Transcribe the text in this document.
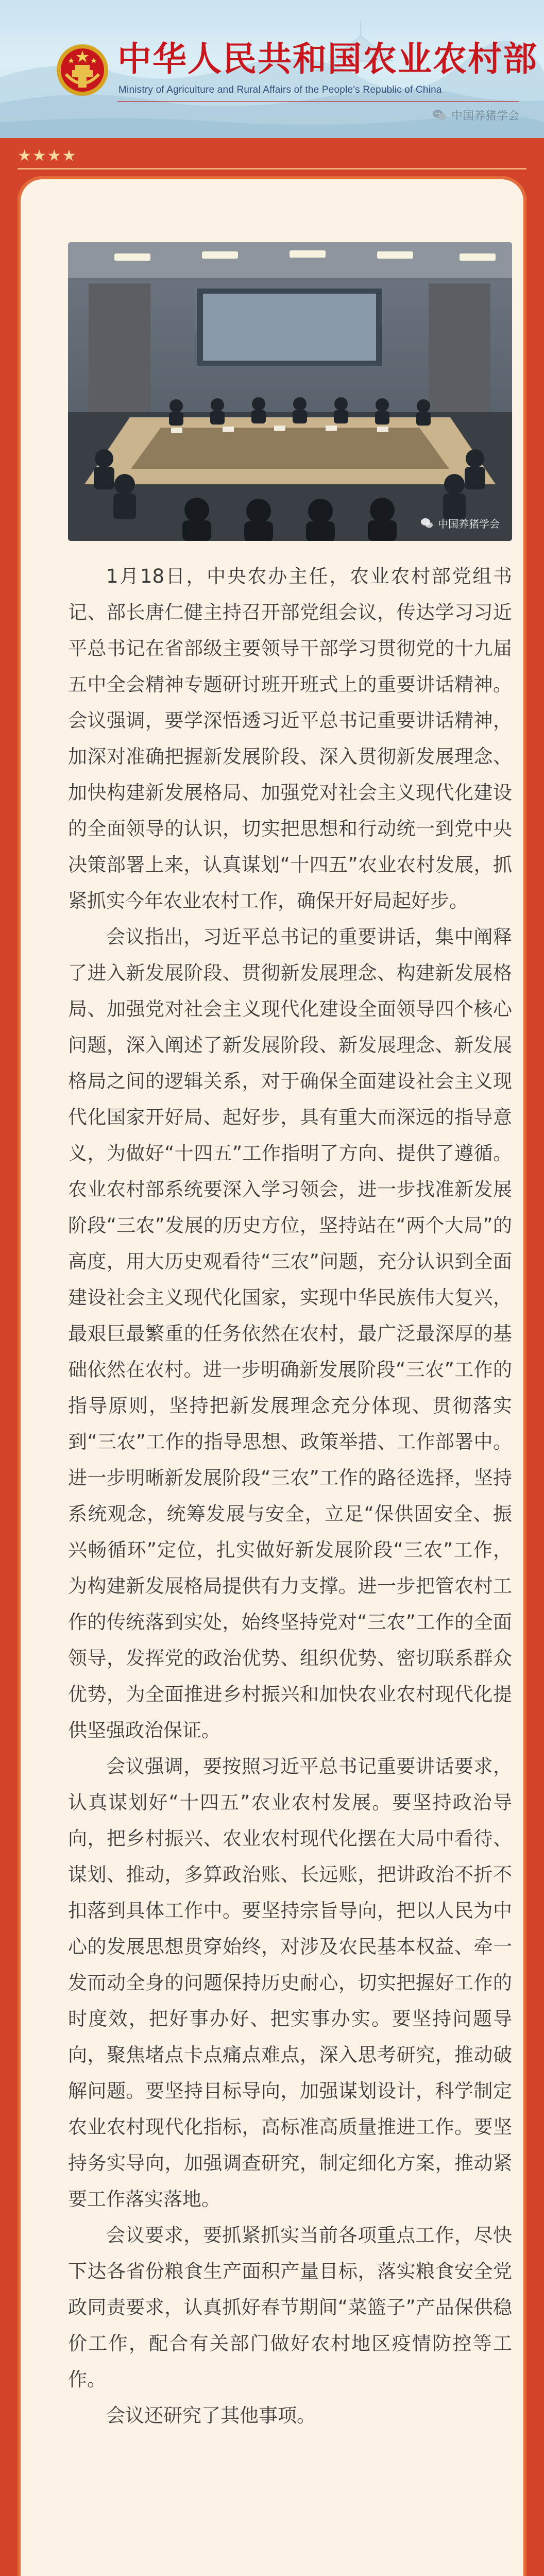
中华人民共和国农业农村部
Ministry of Agriculture and Rural Affairs of the People's Republic of China
中国养猪学会
★★★★
中国养猪学会

1月18日，中央农办主任，农业农村部党组书记、部长唐仁健主持召开部党组会议，传达学习习近平总书记在省部级主要领导干部学习贯彻党的十九届五中全会精神专题研讨班开班式上的重要讲话精神。会议强调，要学深悟透习近平总书记重要讲话精神，加深对准确把握新发展阶段、深入贯彻新发展理念、加快构建新发展格局、加强党对社会主义现代化建设的全面领导的认识，切实把思想和行动统一到党中央决策部署上来，认真谋划“十四五”农业农村发展，抓紧抓实今年农业农村工作，确保开好局起好步。

会议指出，习近平总书记的重要讲话，集中阐释了进入新发展阶段、贯彻新发展理念、构建新发展格局、加强党对社会主义现代化建设全面领导四个核心问题，深入阐述了新发展阶段、新发展理念、新发展格局之间的逻辑关系，对于确保全面建设社会主义现代化国家开好局、起好步，具有重大而深远的指导意义，为做好“十四五”工作指明了方向、提供了遵循。农业农村部系统要深入学习领会，进一步找准新发展阶段“三农”发展的历史方位，坚持站在“两个大局”的高度，用大历史观看待“三农”问题，充分认识到全面建设社会主义现代化国家，实现中华民族伟大复兴，最艰巨最繁重的任务依然在农村，最广泛最深厚的基础依然在农村。进一步明确新发展阶段“三农”工作的指导原则，坚持把新发展理念充分体现、贯彻落实到“三农”工作的指导思想、政策举措、工作部署中。进一步明晰新发展阶段“三农”工作的路径选择，坚持系统观念，统筹发展与安全，立足“保供固安全、振兴畅循环”定位，扎实做好新发展阶段“三农”工作，为构建新发展格局提供有力支撑。进一步把管农村工作的传统落到实处，始终坚持党对“三农”工作的全面领导，发挥党的政治优势、组织优势、密切联系群众优势，为全面推进乡村振兴和加快农业农村现代化提供坚强政治保证。

会议强调，要按照习近平总书记重要讲话要求，认真谋划好“十四五”农业农村发展。要坚持政治导向，把乡村振兴、农业农村现代化摆在大局中看待、谋划、推动，多算政治账、长远账，把讲政治不折不扣落到具体工作中。要坚持宗旨导向，把以人民为中心的发展思想贯穿始终，对涉及农民基本权益、牵一发而动全身的问题保持历史耐心，切实把握好工作的时度效，把好事办好、把实事办实。要坚持问题导向，聚焦堵点卡点痛点难点，深入思考研究，推动破解问题。要坚持目标导向，加强谋划设计，科学制定农业农村现代化指标，高标准高质量推进工作。要坚持务实导向，加强调查研究，制定细化方案，推动紧要工作落实落地。

会议要求，要抓紧抓实当前各项重点工作，尽快下达各省份粮食生产面积产量目标，落实粮食安全党政同责要求，认真抓好春节期间“菜篮子”产品保供稳价工作，配合有关部门做好农村地区疫情防控等工作。

会议还研究了其他事项。
